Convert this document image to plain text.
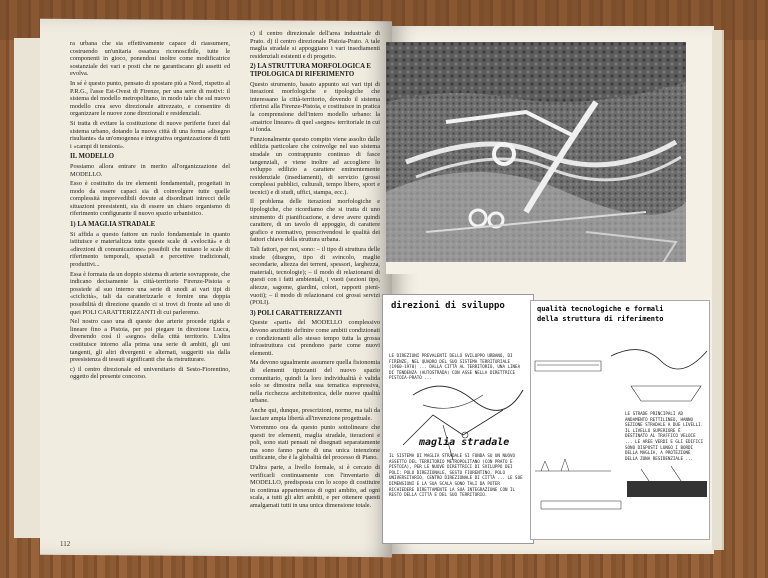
ra urbana che sia effettivamente capace di riassumere, costruendo un'unitaria ossatura riconoscibile, tutte le componenti in gioco, ponendosi inoltre come modificatrice sostanziale dei vari e posti che ne garantiscano gli assetti ed evolva.

In sé è questo punto, pensato di spostare più a Nord, rispetto al P.R.G., l'asse Est-Ovest di Firenze, per una serie di motivi: il sistema del modello metropolitano, in modo tale che sul nuovo modello crea sevo direzionale attrezzato, e consentire di organizzare le nuove zone direzionali e residenziali.

Si tratta di evitare la costituzione di nuove periferie fuori dal sistema urbano, dotando la nuova città di una forma «disegno risultante» da un'omogenea e integrativa organizzazione di tutti i «campi di tensioni».

IL MODELLO

Possiamo allora entrare in merito all'organizzazione del MODELLO.

Esso è costituito da tre elementi fondamentali, progettati in modo da essere capaci sia di coinvolgere tutte quelle complessità imprevedibili dovute ai disordinati intrecci delle situazioni preesistenti, sia di essere un chiaro organismo di riferimento configurante il nuovo spazio urbanistico.

1) LA MAGLIA STRADALE

Si affida a questo fattore un ruolo fondamentale in quanto istituisce e materializza tutte queste scale di «velocità» e di «direzioni di comunicazione» possibili che mutano le scale di riferimento temporali, spaziali e percettive tradizionali, produttivi...

Essa è formata da un doppio sistema di arterie sovrapposte, che indicano decisamente la città-territorio Firenze-Pistoia e possiede al suo interno una serie di snodi ai vari tipi di «ciclicità», tali da caratterizzarle e fornire una doppia possibilità di direzione quando ci si trovi di fronte ad uno di quei POLI CARATTERIZZANTI di cui parleremo.

Nel nostro caso una di queste due arterie procede rigida e lineare fino a Pistoia, per poi piegare in direzione Lucca, divenendo così il «segno» della città territorio. L'altra costituisce intorno alla prima una serie di ambiti, gli uni tangenti, gli altri divergenti e alternati, suggeriti sia dalla preesistenza di tessuti significanti che da ristrutturare.

c) il centro direzionale ed universitario di Sesto-Fiorentino, oggetto del presente concorso.

c) il centro direzionale dell'area industriale di Prato. d) il centro direzionale Pistoia-Prato. A tale maglia stradale si appoggiano i vari insediamenti residenziali esistenti e di progetto.

2) LA STRUTTURA MORFOLOGICA E TIPOLOGICA DI RIFERIMENTO

Questo strumento, basato appunto sui vari tipi di iterazioni morfologiche e tipologiche che interessano la città-territorio, dovendo il sistema riferirsi alla Firenze-Pistoia, e costituisce in pratica la comprensione dell'intero modello urbano: la «matrice lineare» di quel «segno» territoriale in cui si fonda.

Funzionalmente questo compito viene assolto dalle edilizia particolare che coinvolge nel suo sistema stradale un contrappunto continuo di fasce tangenziali, e viene inoltre ad accogliere lo sviluppo edilizio a carattere eminentemente residenziale (insediamenti), di servizio (grossi complessi pubblici, culturali, tempo libero, sport e tecnici) e di studi, uffici, stampa, ecc.).

Il problema delle iterazioni morfologiche e tipologiche, che ricordiamo che si tratta di uno strumento di pianificazione, e deve avere quindi carattere, di un tavolo di appoggio, di carattere grafico e normativo, prescrivendosi le qualità dei fattori chiave della struttura urbana.

Tali fattori, per noi, sono: – il tipo di struttura delle strade (disegno, tipo di svincolo, maglie secondarie, altezza dei terreni, spessori, larghezza, materiali, tecnologie); – il modo di relazionarsi di questi con i fatti ambientali, i vuoti (sezioni tipo, altezze, sagome, giardini, colori, rapporti pieni-vuoti); – il modo di relazionarsi coi grossi servizi (POLI).

3) POLI CARATTERIZZANTI

Queste «parti» del MODELLO complessivo devono anzitutto definire come ambiti condizionati e condizionanti allo stesso tempo tutta la grossa infrastruttura cui prendono parte come nuovi elementi.

Ma devono ugualmente assumere quella fisionomia di elementi tipizzanti del nuovo spazio comunitario, quindi la loro individualità è valida solo se dimostra nella sua tematica espressiva, nella ricchezza architettonica, delle nuove qualità urbane.

Anche qui, dunque, prescrizioni, norme, ma tali da lasciare ampia libertà all'invenzione progettuale.

Vorremmo ora da questo punto sottolineare che questi tre elementi, maglia stradale, iterazioni e poli, sono stati pensati né disegnati separatamente ma sono fanno parte di una unica intenzione unificante, che è la globalità del processo di Piano.

D'altra parte, a livello formale, si è cercato di verificarli continuamente con l'inventario di MODELLO, predisposta con lo scopo di costituire in continua appartenenza di ogni ambito, ad ogni scala, a tutti gli altri ambiti, e per ottenere questi amalgamati tutti in una unica dimensione totale.

112
direzioni di sviluppo
LE DIREZIONI PREVALENTI DELLO SVILUPPO URBANO, DI FIRENZE, NEL QUADRO DEL SUO SISTEMA TERRITORIALE (1960-1970) ... DALLA CITTÀ AL TERRITORIO, UNA LINEA DI TENDENZA (AUTOSTRADA) CON ASSE NELLA DIRETTRICE PISTOIA-PRATO ...
maglia stradale
IL SISTEMA DI MAGLIA STRADALE SI FONDA SU UN NUOVO ASSETTO DEL TERRITORIO METROPOLITANO (CON PRATO E PISTOIA), PER LE NUOVE DIRETTRICI DI SVILUPPO DEI POLI: POLO DIREZIONALE, SESTO FIORENTINO, POLO UNIVERSITARIO, CENTRO DIREZIONALE DI CITTÀ ... LE SUE DIMENSIONI E LA SUA SCALA SONO TALI DA POTER RICHIEDERE DIRETTAMENTE LA SUA INTEGRAZIONE CON IL RESTO DELLA CITTÀ E DEL SUO TERRITORIO.
qualità tecnologiche e formali
della struttura di riferimento
LE STRADE PRINCIPALI AD ANDAMENTO RETTILINEO, HANNO SEZIONE STRADALE A DUE LIVELLI. IL LIVELLO SUPERIORE È DESTINATO AL TRAFFICO VELOCE ... LE AREE VERDI E GLI EDIFICI SONO DISPOSTI LUNGO I BORDI DELLA MAGLIA, A PROTEZIONE DELLA ZONA RESIDENZIALE ...
